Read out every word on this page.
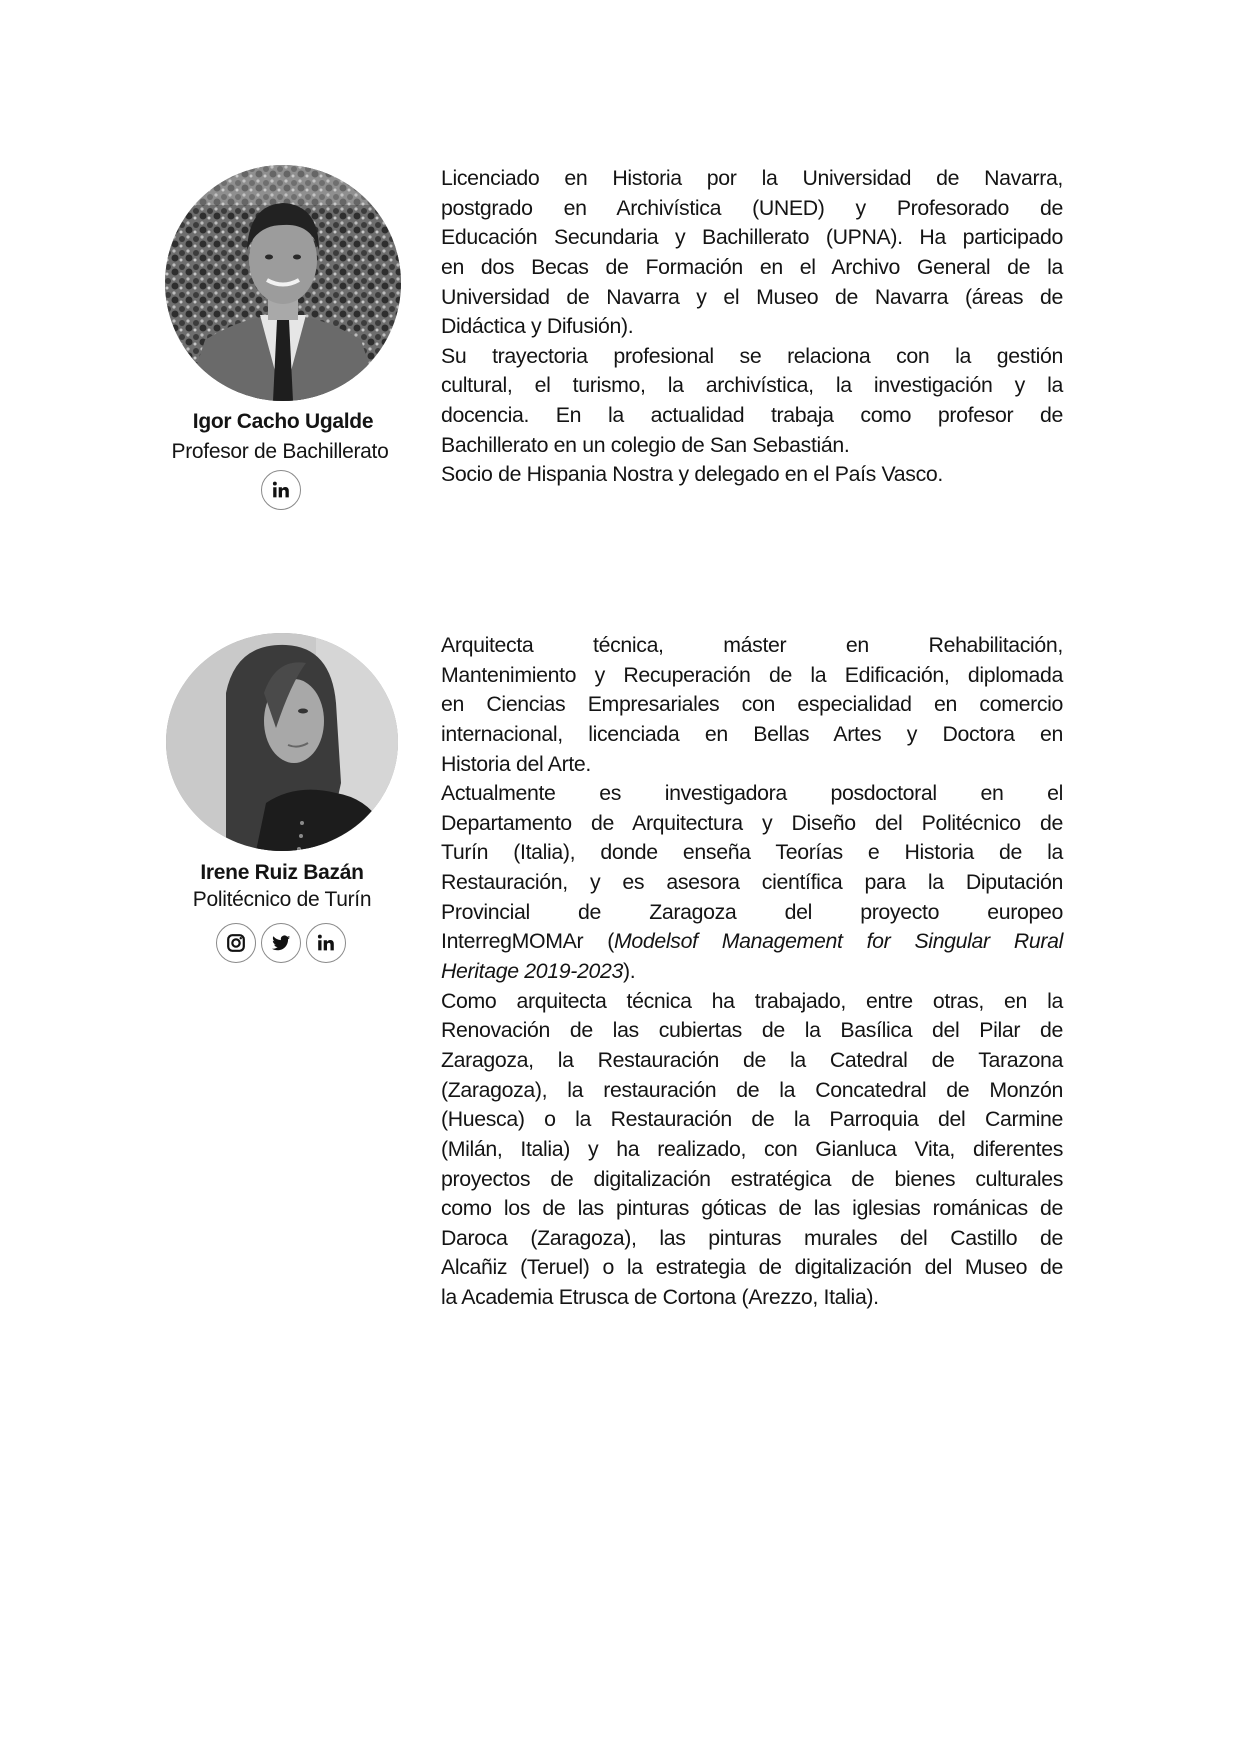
Igor Cacho Ugalde
Profesor de Bachillerato
Licenciado en Historia por la Universidad de Navarra,
postgrado en Archivística (UNED) y Profesorado de
Educación Secundaria y Bachillerato (UPNA). Ha participado
en dos Becas de Formación en el Archivo General de la
Universidad de Navarra y el Museo de Navarra (áreas de
Didáctica y Difusión).
Su trayectoria profesional se relaciona con la gestión
cultural, el turismo, la archivística, la investigación y la
docencia. En la actualidad trabaja como profesor de
Bachillerato en un colegio de San Sebastián.
Socio de Hispania Nostra y delegado en el País Vasco.
Irene Ruiz Bazán
Politécnico de Turín
Arquitecta técnica, máster en Rehabilitación,
Mantenimiento y Recuperación de la Edificación, diplomada
en Ciencias Empresariales con especialidad en comercio
internacional, licenciada en Bellas Artes y Doctora en
Historia del Arte.
Actualmente es investigadora posdoctoral en el
Departamento de Arquitectura y Diseño del Politécnico de
Turín (Italia), donde enseña Teorías e Historia de la
Restauración, y es asesora científica para la Diputación
Provincial de Zaragoza del proyecto europeo
InterregMOMAr (Modelsof Management for Singular Rural
Heritage 2019-2023).
Como arquitecta técnica ha trabajado, entre otras, en la
Renovación de las cubiertas de la Basílica del Pilar de
Zaragoza, la Restauración de la Catedral de Tarazona
(Zaragoza), la restauración de la Concatedral de Monzón
(Huesca) o la Restauración de la Parroquia del Carmine
(Milán, Italia) y ha realizado, con Gianluca Vita, diferentes
proyectos de digitalización estratégica de bienes culturales
como los de las pinturas góticas de las iglesias románicas de
Daroca (Zaragoza), las pinturas murales del Castillo de
Alcañiz (Teruel) o la estrategia de digitalización del Museo de
la Academia Etrusca de Cortona (Arezzo, Italia).
